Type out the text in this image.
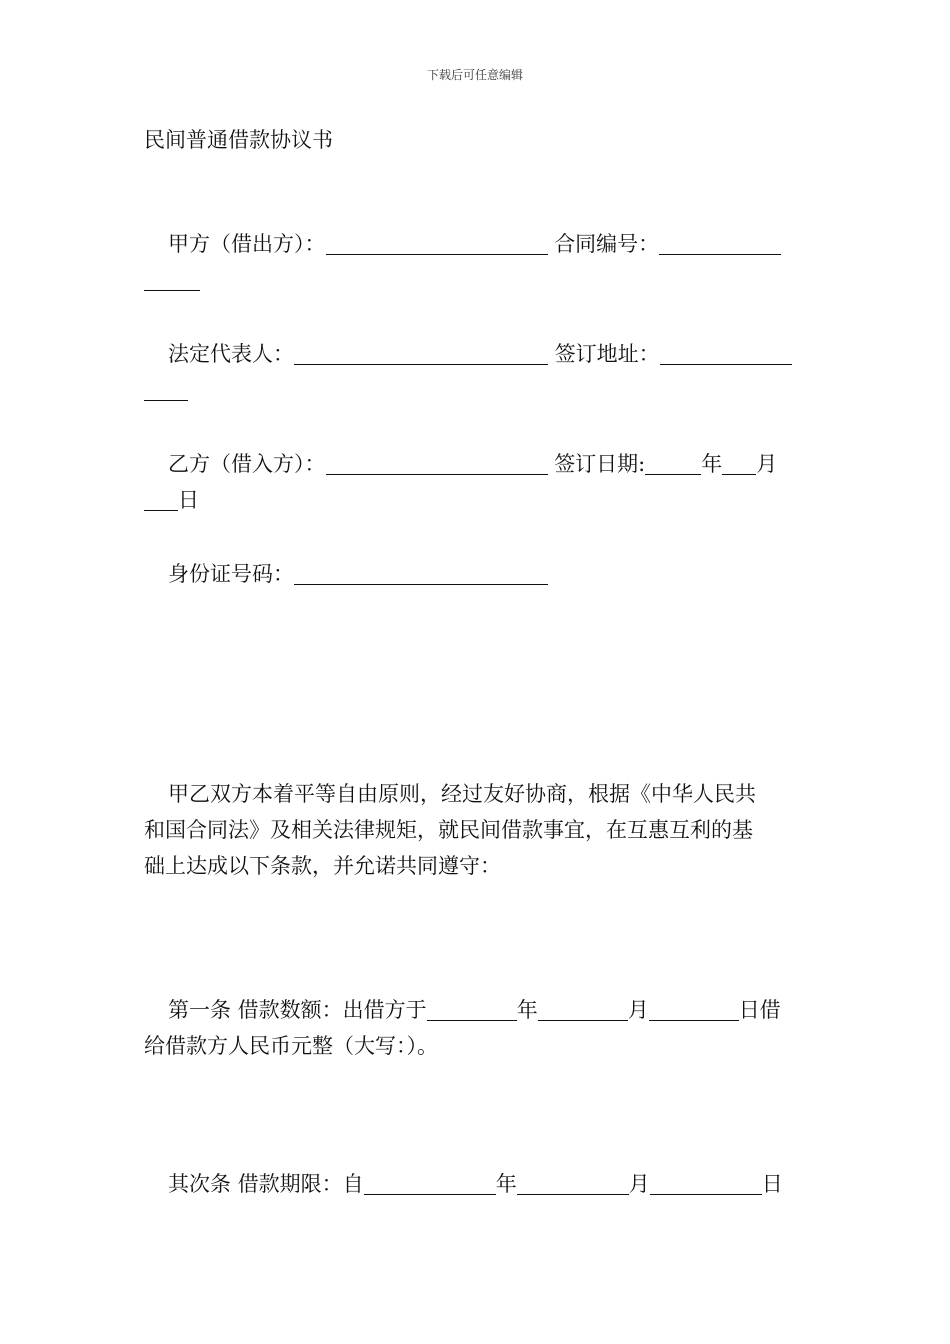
下载后可任意编辑
民间普通借款协议书
甲方（借出方）：	合同编号：
法定代表人：	签订地址：
乙方（借入方）：	签订日期:	年 月
日
身份证号码：
甲乙双方本着平等自由原则，经过友好协商，根据《中华人民共
和国合同法》及相关法律规矩，就民间借款事宜，在互惠互利的基
础上达成以下条款，并允诺共同遵守：
第一条 借款数额：出借方于	年	月	日借
给借款方人民币元整（大写：）。
其次条 借款期限：自	年	月	日
